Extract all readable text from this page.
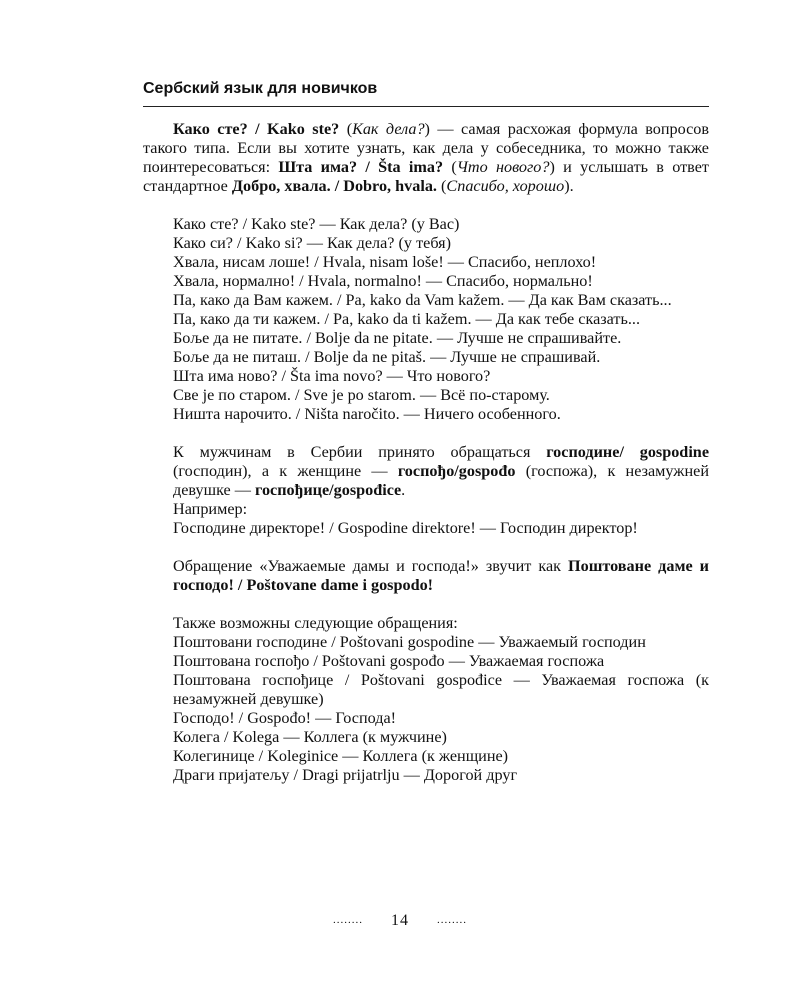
Сербский язык для новичков

Како сте? / Kako ste? (Как дела?) — самая расхожая формула вопросов такого типа. Если вы хотите узнать, как дела у собеседника, то можно также поинтересоваться: Шта има? / Šta ima? (Что нового?) и услышать в ответ стандартное Добро, хвала. / Dobro, hvala. (Спасибо, хорошо).

Како сте? / Kako ste? — Как дела? (у Вас)

Како си? / Kako si? — Как дела? (у тебя)

Хвала, нисам лоше! / Hvala, nisam loše! — Спасибо, неплохо!

Хвала, нормално! / Hvala, normalno! — Спасибо, нормально!

Па, како да Вам кажем. / Pa, kako da Vam kažem. — Да как Вам сказать...

Па, како да ти кажем. / Pa, kako da ti kažem. — Да как тебе сказать...

Боље да не питате. / Bolje da ne pitate. — Лучше не спрашивайте.

Боље да не питаш. / Bolje da ne pitaš. — Лучше не спрашивай.

Шта има ново? / Šta ima novo? — Что нового?

Све је по старом. / Sve je po starom. — Всё по-старому.

Ништа нарочито. / Ništa naročito. — Ничего особенного.

К мужчинам в Сербии принято обращаться господине/ gospodine (господин), а к женщине — госпођо/gospođo (госпожа), к незамужней девушке — госпођице/gospođice.

Например:

Господине директоре! / Gospodine direktore! — Господин директор!

Обращение «Уважаемые дамы и господа!» звучит как Поштоване даме и господо! / Poštovane dame i gospodo!

Также возможны следующие обращения:

Поштовани господине / Poštovani gospodine — Уважаемый господин

Поштована госпођо / Poštovani gospođo — Уважаемая госпожа

Поштована госпођице / Poštovani gospođice — Уважаемая госпожа (к незамужней девушке)

Господо! / Gospođo! — Господа!

Колега / Kolega — Коллега (к мужчине)

Колегинице / Koleginice — Коллега (к женщине)

Драги пријатељу / Dragi prijatrlju — Дорогой друг

........ 14	........
